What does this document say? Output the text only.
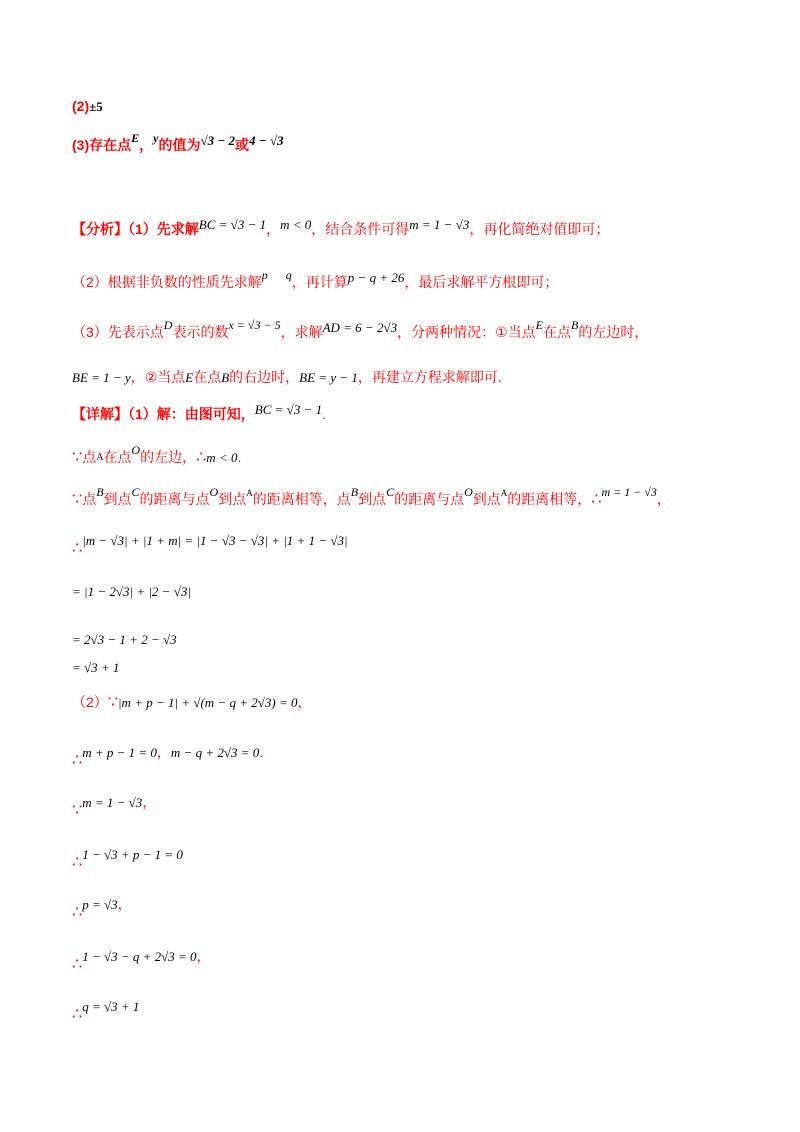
(2)±5
(3)存在点E，y的值为√3 − 2或4 − √3
【分析】（1）先求解BC = √3 − 1，m < 0，结合条件可得m = 1 − √3，再化简绝对值即可；
（2）根据非负数的性质先求解p q，再计算p − q + 26，最后求解平方根即可；
（3）先表示点D表示的数x = √3 − 5，求解AD = 6 − 2√3，分两种情况：①当点E在点B的左边时，
BE = 1 − y，②当点E在点B的右边时，BE = y − 1，再建立方程求解即可.
【详解】（1）解：由图可知，BC = √3 − 1.
∵点A在点O的左边，∴m < 0.
∵点B到点C的距离与点O到点$^A$的距离相等，点B到点C的距离与点O到点$^A$的距离相等，∴m = 1 − √3，
∴|m − √3| + |1 + m| = |1 − √3 − √3| + |1 + 1 − √3|
= |1 − 2√3| + |2 − √3|
= 2√3 − 1 + 2 − √3
= √3 + 1
（2）∵|m + p − 1| + √(m − q + 2√3) = 0，
∴m + p − 1 = 0，m − q + 2√3 = 0.
∵m = 1 − √3，
∴1 − √3 + p − 1 = 0
∴p = √3，
∴1 − √3 − q + 2√3 = 0，
∴q = √3 + 1
